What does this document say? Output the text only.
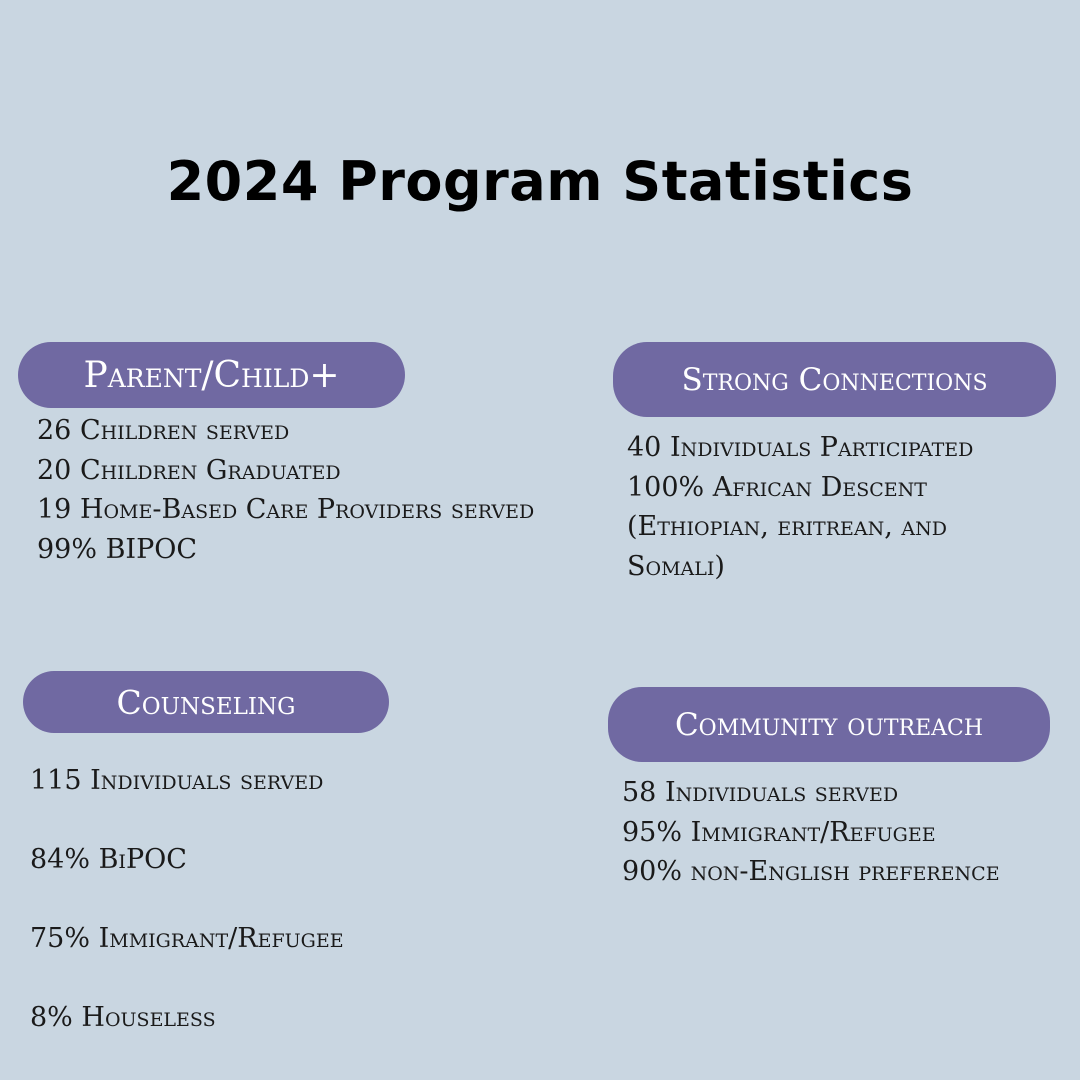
2024 Program Statistics
Parent/Child+
26 Children served
20 Children Graduated
19 Home-Based Care Providers served
99% BIPOC
Strong Connections
40 Individuals Participated
100% African Descent
(Ethiopian, eritrean, and
Somali)
Counseling
115 Individuals served
84% BiPOC
75% Immigrant/Refugee
8% Houseless
Community outreach
58 Individuals served
95% Immigrant/Refugee
90% non-English preference
